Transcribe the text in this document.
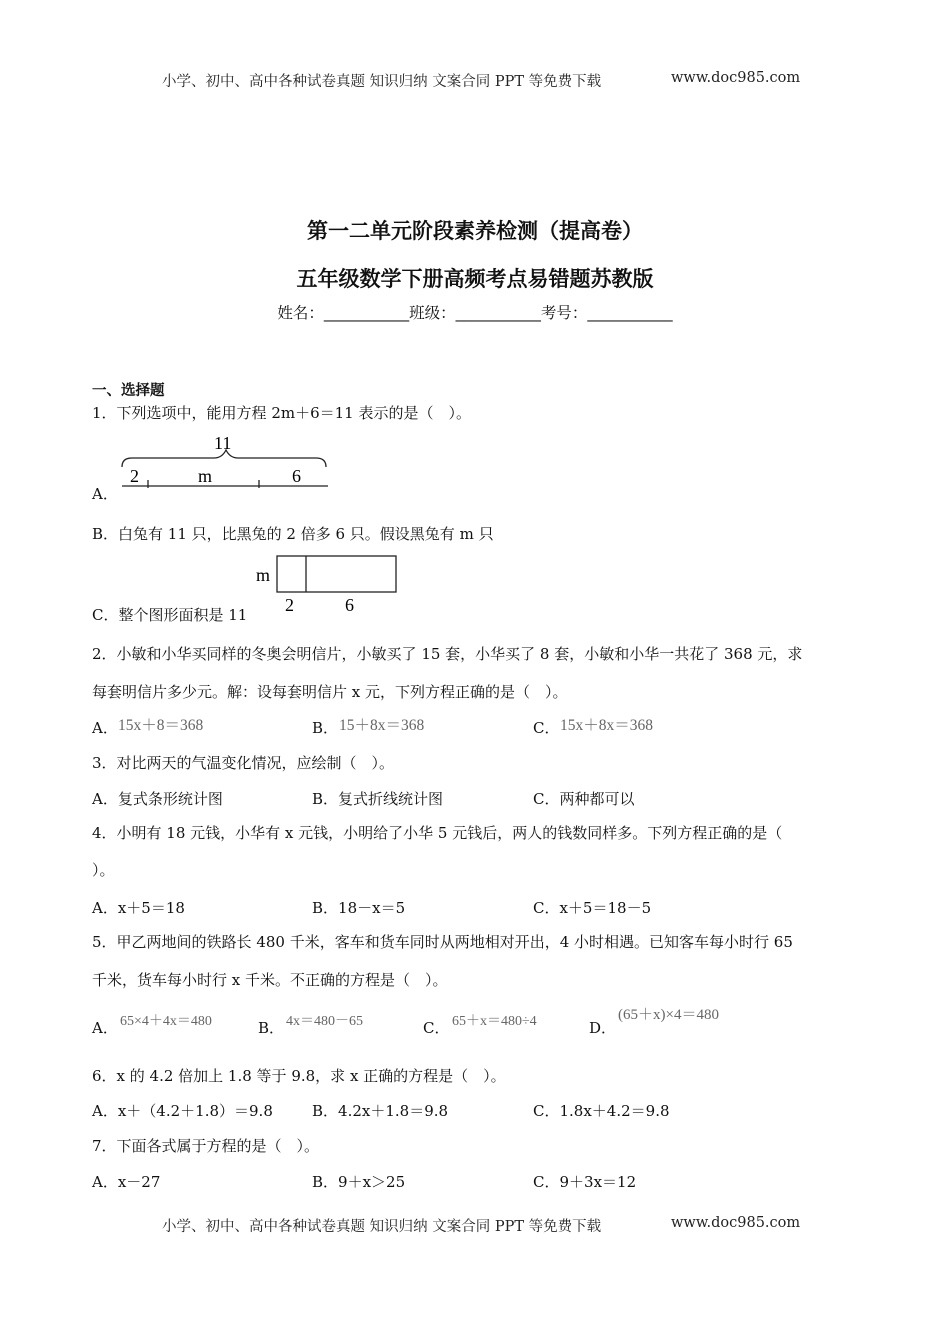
小学、初中、高中各种试卷真题 知识归纳 文案合同 PPT 等免费下载	www.doc985.com
第一二单元阶段素养检测（提高卷）
五年级数学下册高频考点易错题苏教版
姓名：___________班级：___________考号：___________
一、选择题
1．下列选项中，能用方程 2m＋6＝11 表示的是（　）。
A．
11
2	m	6
B．白兔有 11 只，比黑兔的 2 倍多 6 只。假设黑兔有 m 只
m
2	6
C．整个图形面积是 11
2．小敏和小华买同样的冬奥会明信片，小敏买了 15 套，小华买了 8 套，小敏和小华一共花了 368 元，求
每套明信片多少元。解：设每套明信片 x 元，下列方程正确的是（　）。
A． 15x＋8＝368	B． 15＋8x＝368	C． 15x＋8x＝368
3．对比两天的气温变化情况，应绘制（　）。
A．复式条形统计图	B．复式折线统计图	C．两种都可以
4．小明有 18 元钱，小华有 x 元钱，小明给了小华 5 元钱后，两人的钱数同样多。下列方程正确的是（
）。
A．x＋5＝18	B．18－x＝5	C．x＋5＝18－5
5．甲乙两地间的铁路长 480 千米，客车和货车同时从两地相对开出，4 小时相遇。已知客车每小时行 65
千米，货车每小时行 x 千米。不正确的方程是（　）。
A． 65×4＋4x＝480	B． 4x＝480－65	C． 65＋x＝480÷4	D．
(65＋x)×4＝480
6．x 的 4.2 倍加上 1.8 等于 9.8，求 x 正确的方程是（　）。
A．x＋（4.2＋1.8）＝9.8	B．4.2x＋1.8＝9.8	C．1.8x＋4.2＝9.8
7．下面各式属于方程的是（　）。
A．x－27	B．9＋x＞25	C．9＋3x＝12
小学、初中、高中各种试卷真题 知识归纳 文案合同 PPT 等免费下载	www.doc985.com
